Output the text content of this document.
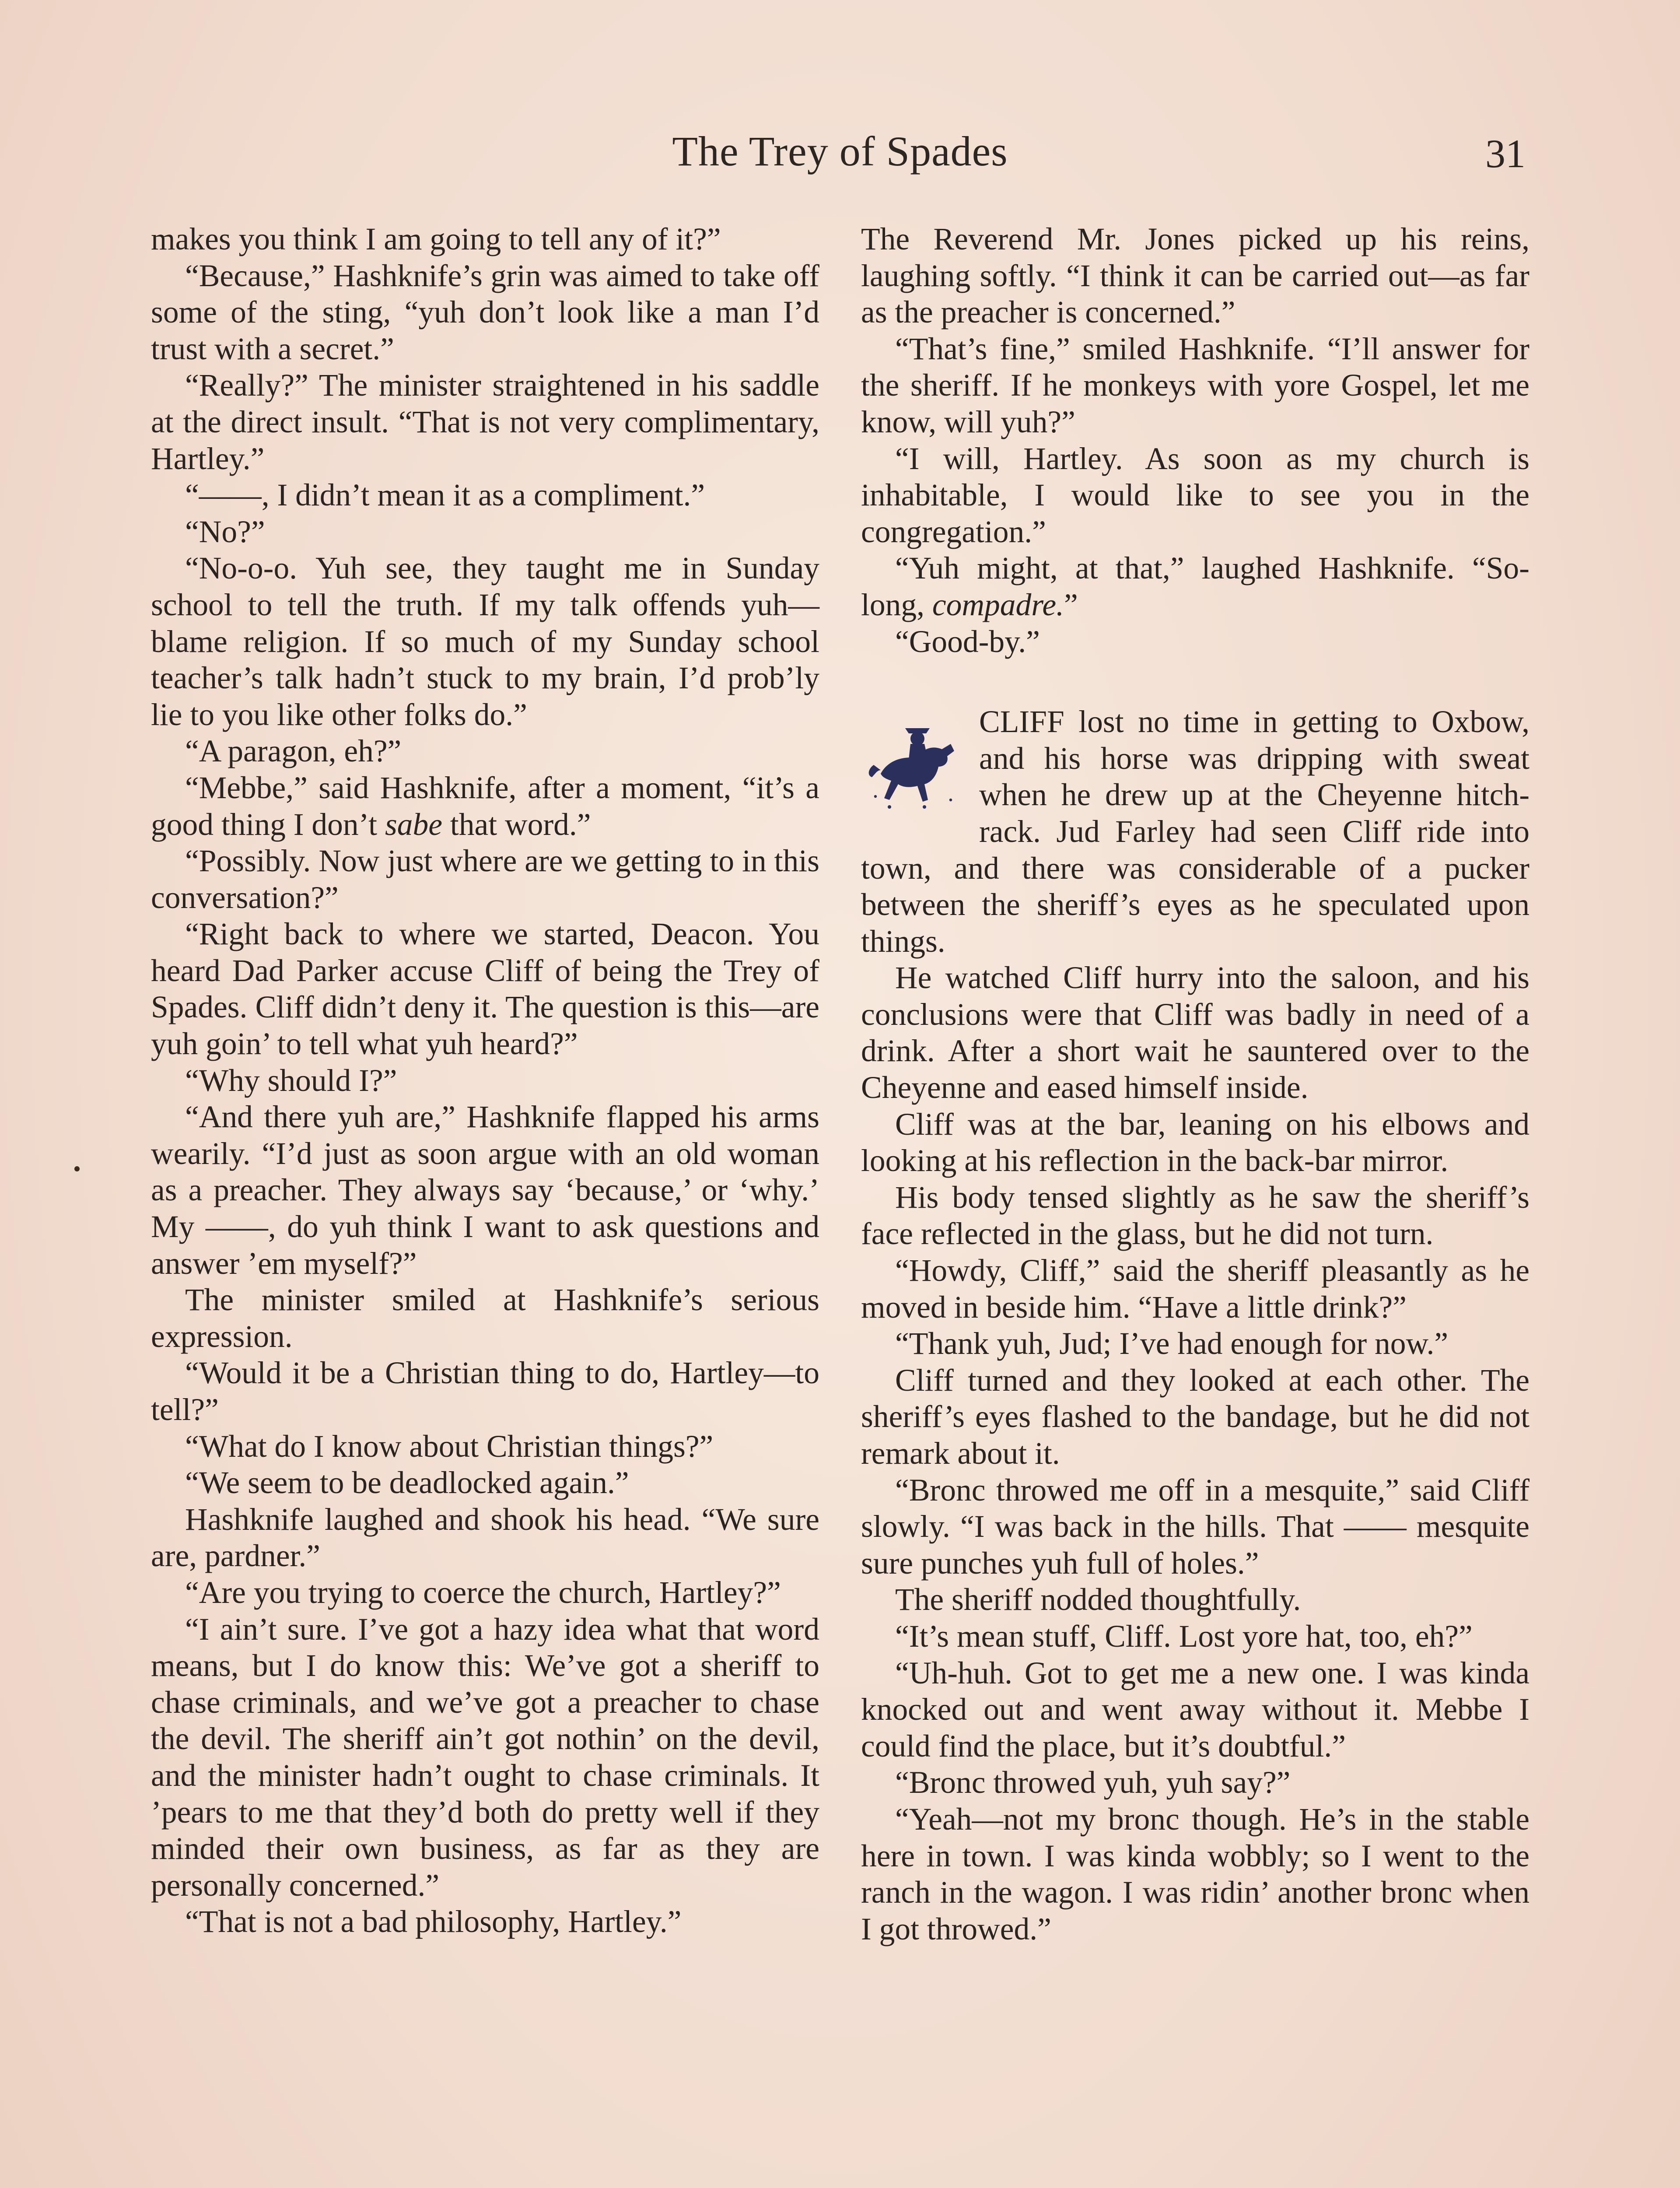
The Trey of Spades	31

makes you think I am going to tell any of it?”

“Because,” Hashknife’s grin was aimed to take off some of the sting, “yuh don’t look like a man I’d trust with a secret.”

“Really?” The minister straightened in his saddle at the direct insult. “That is not very complimentary, Hartley.”

“——, I didn’t mean it as a compliment.”

“No?”

“No-o-o. Yuh see, they taught me in Sunday school to tell the truth. If my talk offends yuh—blame religion. If so much of my Sunday school teacher’s talk hadn’t stuck to my brain, I’d prob’ly lie to you like other folks do.”

“A paragon, eh?”

“Mebbe,” said Hashknife, after a moment, “it’s a good thing I don’t sabe that word.”

“Possibly. Now just where are we getting to in this conversation?”

“Right back to where we started, Deacon. You heard Dad Parker accuse Cliff of being the Trey of Spades. Cliff didn’t deny it. The question is this—are yuh goin’ to tell what yuh heard?”

“Why should I?”

“And there yuh are,” Hashknife flapped his arms wearily. “I’d just as soon argue with an old woman as a preacher. They always say ‘because,’ or ‘why.’ My ——, do yuh think I want to ask questions and answer ’em myself?”

The minister smiled at Hashknife’s serious expression.

“Would it be a Christian thing to do, Hartley—to tell?”

“What do I know about Christian things?”

“We seem to be deadlocked again.”

Hashknife laughed and shook his head. “We sure are, pardner.”

“Are you trying to coerce the church, Hartley?”

“I ain’t sure. I’ve got a hazy idea what that word means, but I do know this: We’ve got a sheriff to chase criminals, and we’ve got a preacher to chase the devil. The sheriff ain’t got nothin’ on the devil, and the minister hadn’t ought to chase criminals. It ’pears to me that they’d both do pretty well if they minded their own business, as far as they are personally concerned.”

“That is not a bad philosophy, Hartley.”

The Reverend Mr. Jones picked up his reins, laughing softly. “I think it can be carried out—as far as the preacher is concerned.”

“That’s fine,” smiled Hashknife. “I’ll answer for the sheriff. If he monkeys with yore Gospel, let me know, will yuh?”

“I will, Hartley. As soon as my church is inhabitable, I would like to see you in the congregation.”

“Yuh might, at that,” laughed Hashknife. “So-long, compadre.”

“Good-by.”

CLIFF lost no time in getting to Oxbow, and his horse was dripping with sweat when he drew up at the Cheyenne hitch-rack. Jud Farley had seen Cliff ride into town, and there was considerable of a pucker between the sheriff’s eyes as he speculated upon things.

He watched Cliff hurry into the saloon, and his conclusions were that Cliff was badly in need of a drink. After a short wait he sauntered over to the Cheyenne and eased himself inside.

Cliff was at the bar, leaning on his elbows and looking at his reflection in the back-bar mirror.

His body tensed slightly as he saw the sheriff’s face reflected in the glass, but he did not turn.

“Howdy, Cliff,” said the sheriff pleasantly as he moved in beside him. “Have a little drink?”

“Thank yuh, Jud; I’ve had enough for now.”

Cliff turned and they looked at each other. The sheriff’s eyes flashed to the bandage, but he did not remark about it.

“Bronc throwed me off in a mesquite,” said Cliff slowly. “I was back in the hills. That —— mesquite sure punches yuh full of holes.”

The sheriff nodded thoughtfully.

“It’s mean stuff, Cliff. Lost yore hat, too, eh?”

“Uh-huh. Got to get me a new one. I was kinda knocked out and went away without it. Mebbe I could find the place, but it’s doubtful.”

“Bronc throwed yuh, yuh say?”

“Yeah—not my bronc though. He’s in the stable here in town. I was kinda wobbly; so I went to the ranch in the wagon. I was ridin’ another bronc when I got throwed.”
